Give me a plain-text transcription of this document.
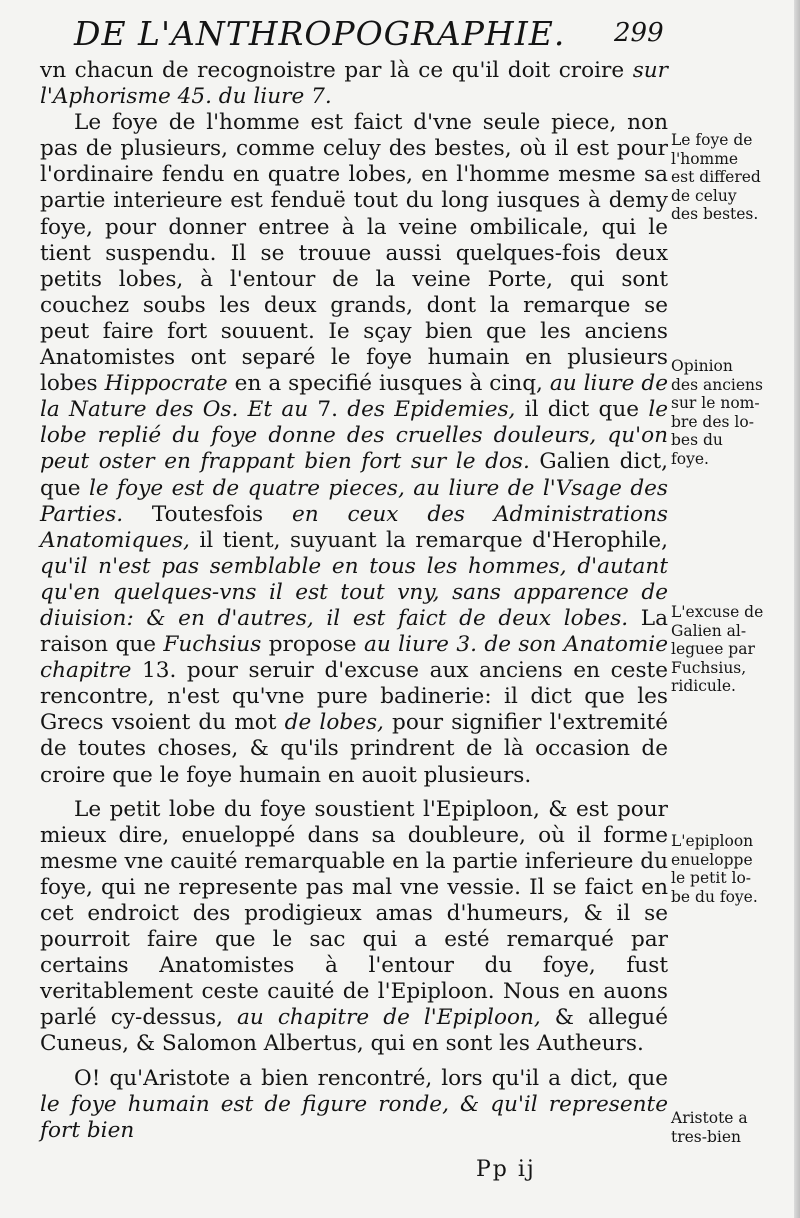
DE L'ANTHROPOGRAPHIE. 299

vn chacun de recognoistre par là ce qu'il doit croire sur l'Aphorisme 45. du liure 7.

Le foye de l'homme est faict d'vne seule piece, non pas de plusieurs, comme celuy des bestes, où il est pour l'ordinaire fendu en quatre lobes, en l'homme mesme sa partie interieure est fenduë tout du long iusques à demy foye, pour donner entree à la veine ombilicale, qui le tient suspendu. Il se trouue aussi quelques-fois deux petits lobes, à l'entour de la veine Porte, qui sont couchez soubs les deux grands, dont la remarque se peut faire fort souuent. Ie sçay bien que les anciens Anatomistes ont separé le foye humain en plusieurs lobes Hippocrate en a specifié iusques à cinq, au liure de la Nature des Os. Et au 7. des Epidemies, il dict que le lobe replié du foye donne des cruelles douleurs, qu'on peut oster en frappant bien fort sur le dos. Galien dict, que le foye est de quatre pieces, au liure de l'Vsage des Parties. Toutesfois en ceux des Administrations Anatomiques, il tient, suyuant la remarque d'Herophile, qu'il n'est pas semblable en tous les hommes, d'autant qu'en quelques-vns il est tout vny, sans apparence de diuision: & en d'autres, il est faict de deux lobes. La raison que Fuchsius propose au liure 3. de son Anatomie chapitre 13. pour seruir d'excuse aux anciens en ceste rencontre, n'est qu'vne pure badinerie: il dict que les Grecs vsoient du mot de lobes, pour signifier l'extremité de toutes choses, & qu'ils prindrent de là occasion de croire que le foye humain en auoit plusieurs.

Le petit lobe du foye soustient l'Epiploon, & est pour mieux dire, enueloppé dans sa doubleure, où il forme mesme vne cauité remarquable en la partie inferieure du foye, qui ne represente pas mal vne vessie. Il se faict en cet endroict des prodigieux amas d'humeurs, & il se pourroit faire que le sac qui a esté remarqué par certains Anatomistes à l'entour du foye, fust veritablement ceste cauité de l'Epiploon. Nous en auons parlé cy-dessus, au chapitre de l'Epiploon, & allegué Cuneus, & Salomon Albertus, qui en sont les Autheurs.

O! qu'Aristote a bien rencontré, lors qu'il a dict, que le foye humain est de figure ronde, & qu'il represente fort bien

Le foye de
l'homme
est differed
de celuy
des bestes.
Opinion
des anciens
sur le nom-
bre des lo-
bes du
foye.
L'excuse de
Galien al-
leguee par
Fuchsius,
ridicule.
L'epiploon
enueloppe
le petit lo-
be du foye.
Aristote a
tres-bien
Pp ij
